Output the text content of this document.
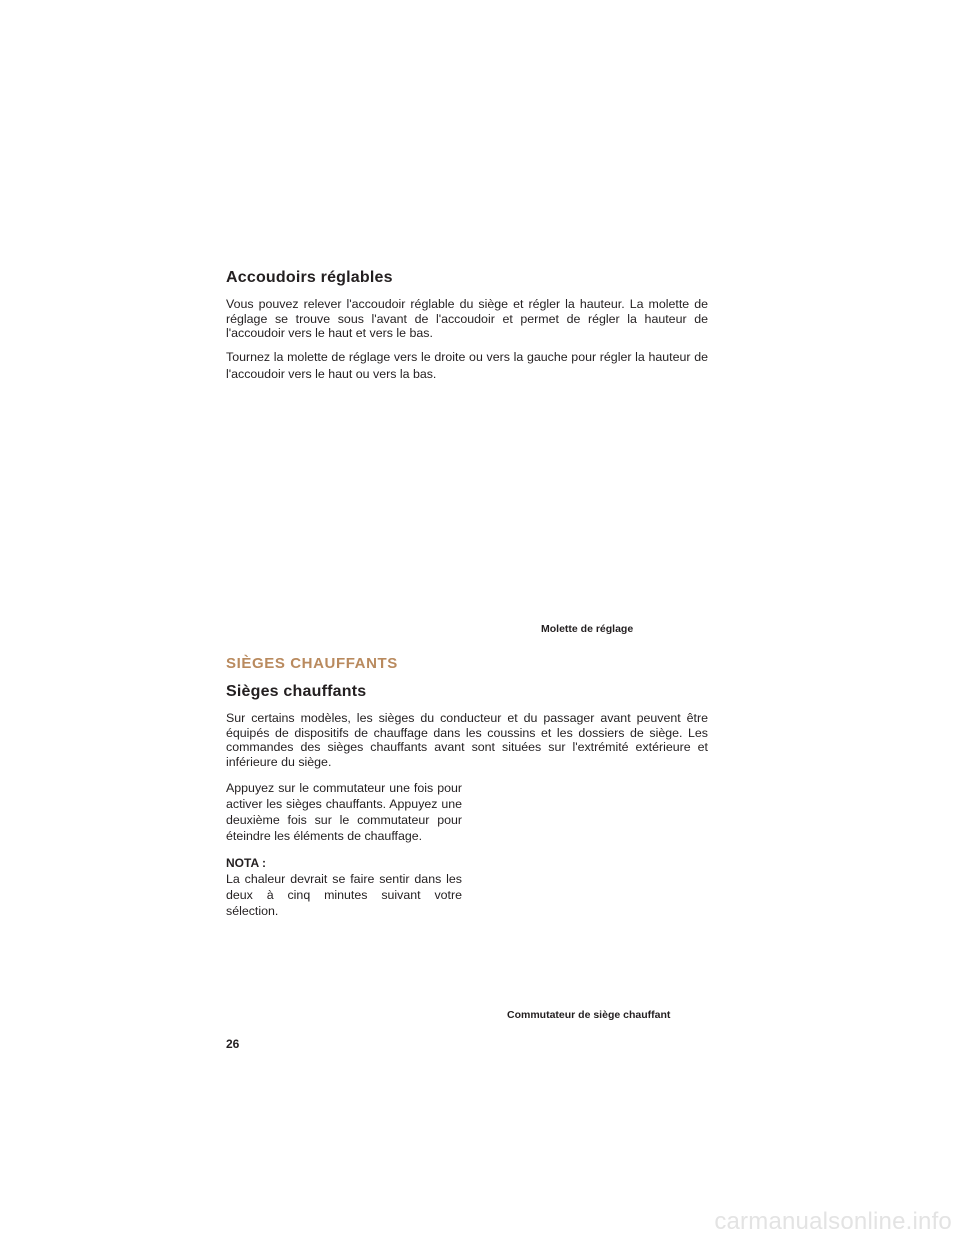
Accoudoirs réglables

Vous pouvez relever l'accoudoir réglable du siège et régler la hauteur. La molette de réglage se trouve sous l'avant de l'accoudoir et permet de régler la hauteur de l'accoudoir vers le haut et vers le bas.

Tournez la molette de réglage vers le droite ou vers la gauche pour régler la hauteur de l'accoudoir vers le haut ou vers la bas.

Molette de réglage
SIÈGES CHAUFFANTS
Sièges chauffants

Sur certains modèles, les sièges du conducteur et du passager avant peuvent être équipés de dispositifs de chauffage dans les coussins et les dossiers de siège. Les commandes des sièges chauffants avant sont situées sur l'extrémité extérieure et inférieure du siège.

Appuyez sur le commutateur une fois pour activer les sièges chauffants. Appuyez une deuxième fois sur le commutateur pour éteindre les éléments de chauffage.

NOTA :

La chaleur devrait se faire sentir dans les deux à cinq minutes suivant votre sélection.

Commutateur de siège chauffant
26
carmanualsonline.info
